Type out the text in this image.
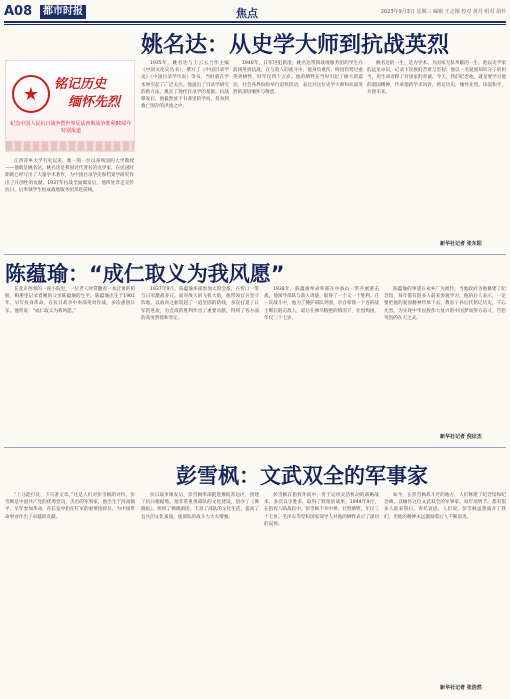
A08	都市时报	焦点	2023年9月3日 星期三 编辑 王志刚 校对 黄丹 组对 胡杉
姚名达：从史学大师到抗战英烈
★	铭记历史
缅怀先烈
纪念中国人民抗日战争暨世界反法西斯战争胜利80周年特别报道

江西萍乡大学有史以来，唯一的一位以身殉国的大学教授——他就是姚名达。姚名达是我国近代著名的史学家，在民国时期就已经写出了大量学术著作，为中国目录学史和档案学研究作出了开创性的贡献。1937年抗战全面爆发后，他四处奔走宣传抗日，后率领学生组成战地服务团奔赴前线。

1935年，姚名达与王云五合作主编《中国文化史丛书》，撰写了《中国目录学史》《中国目录学年表》等书，当时就在学术界引起了广泛关注。他提出了目录学研究的新方法，奠定了现代目录学的基础。抗战爆发后，他毅然放下书斋里的学问，投身到救亡图存的洪流之中。

1940年，日军进犯新淦，姚名达带领战地服务团的学生在前线英勇抗敌，在与敌人的战斗中，他身负重伤，终因伤势过重英勇牺牲，时年仅四十五岁。他的牺牲在当时引起了极大的震动，社会各界纷纷举行追悼活动，表达对这位史学大师和抗战英烈的深切缅怀与敬意。

姚名达的一生，是为学术、为国家无私奉献的一生。他以史学家的远见卓识，记录下民族的苦难与坚韧；他以一名爱国知识分子的担当，用生命诠释了对国家的赤诚。今天，我们纪念他，就是要学习他的爱国精神，传承他的学术风骨，铭记历史，缅怀先烈，珍爱和平，开创未来。

新华社记者 张东阳
陈蕴瑜：“成仁取义为我风愿”

在北京西郊的一座小院里，一位老人时常翻看一本泛黄的相册，相册里记录着她的父亲陈蕴瑜的生平。陈蕴瑜出生于1901年，早年投身革命，在抗日战争中率部英勇作战，多次重创日军，他常说：“成仁取义为我风愿。”

1937年9月，陈蕴瑜率部参加太原会战，在忻口一带与日军激战多日。面对敌人的飞机大炮，他带领官兵坚守阵地，以血肉之躯筑起了一道坚固的防线，多次打退了日军的进攻，为会战的胜利作出了重要贡献，得到了各方面的高度赞扬和肯定。

1938年，陈蕴瑜奉命率部在中条山一带开展游击战，他领导部队与敌人周旋，取得了一个又一个胜利。在一次战斗中，他为了掩护部队突围，亲自率领一个连的战士断后阻击敌人，最后在弹尽粮绝的情况下，壮烈殉国，年仅三十七岁。

陈蕴瑜的事迹在家乡广为流传，当地政府为他修建了纪念馆，每年都有很多人前来参观学习。他的后人表示，一定要把他的爱国精神传承下去，教育子孙后代铭记历史，不忘先烈，为实现中华民族伟大复兴的中国梦而努力奋斗，告慰英烈的在天之灵。

新华社记者 倪征杰
彭雪枫：文武双全的军事家

“上马能打仗，下马著文章。”这是人们对彭雪枫的评价。彭雪枫是中国共产党的优秀党员，杰出的军事家，他出生于河南镇平，早年参加革命，在长征中担任红军的重要指挥员，为中国革命事业作出了卓越的贡献。

抗日战争爆发后，彭雪枫率部挺进豫皖苏边区，创建了抗日根据地。他非常重视部队的文化建设，创办了《拂晓报》，组织了拂晓剧团，丰富了部队的文化生活，提高了官兵的文化素质，使部队的战斗力大大增强。

彭雪枫在指挥作战中，善于运用灵活机动的战略战术，多次以少胜多，取得了辉煌的战果。1944年9月，在指挥八路战役中，彭雪枫不幸中弹，壮烈牺牲，年仅三十七岁。毛泽东等党和国家领导人对他的牺牲表示了深切的哀悼。

如今，在彭雪枫战斗过的地方，人们修建了纪念馆和纪念碑，以缅怀这位文武双全的军事家。每年清明节，都有很多人前来祭扫，寄托哀思。人们说，彭雪枫虽然离开了我们，但他的精神永远激励着后人不断前进。

新华社记者 张浩然
